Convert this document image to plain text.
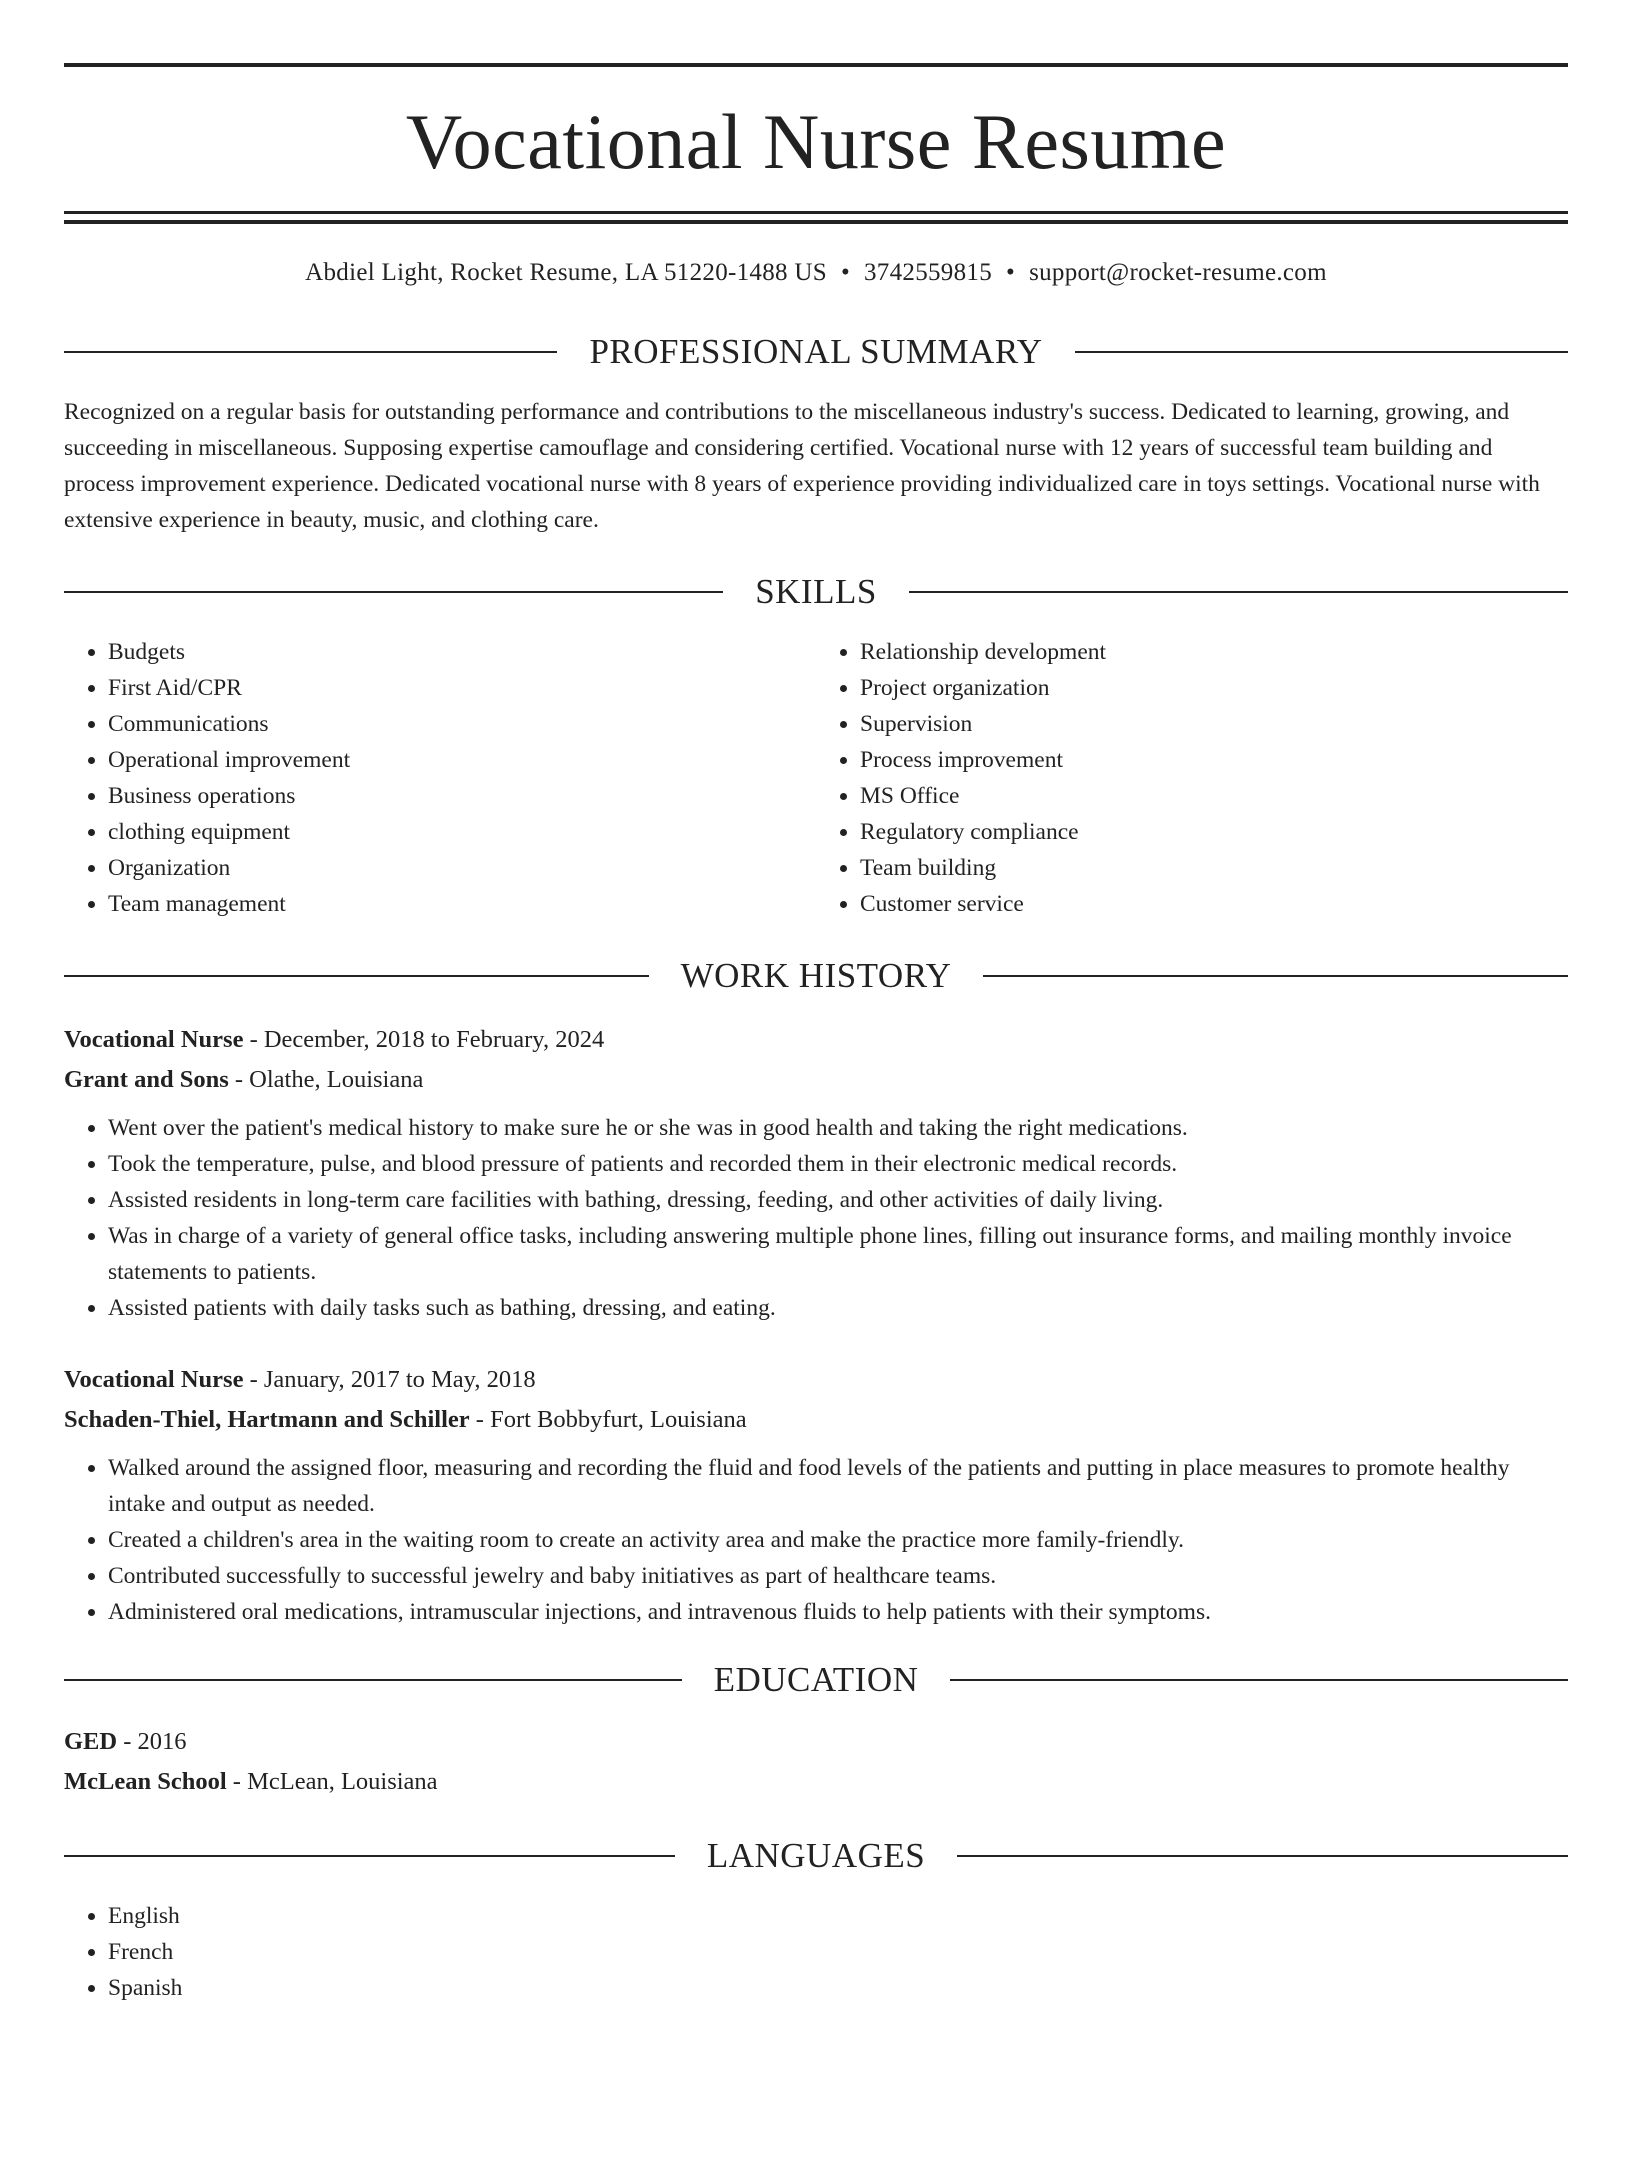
Vocational Nurse Resume
Abdiel Light, Rocket Resume, LA 51220-1488 US • 3742559815 • support@rocket-resume.com
PROFESSIONAL SUMMARY
Recognized on a regular basis for outstanding performance and contributions to the miscellaneous industry's success. Dedicated to learning, growing, and succeeding in miscellaneous. Supposing expertise camouflage and considering certified. Vocational nurse with 12 years of successful team building and process improvement experience. Dedicated vocational nurse with 8 years of experience providing individualized care in toys settings. Vocational nurse with extensive experience in beauty, music, and clothing care.
SKILLS
• Budgets
• First Aid/CPR
• Communications
• Operational improvement
• Business operations
• clothing equipment
• Organization
• Team management
• Relationship development
• Project organization
• Supervision
• Process improvement
• MS Office
• Regulatory compliance
• Team building
• Customer service
WORK HISTORY
Vocational Nurse - December, 2018 to February, 2024
Grant and Sons - Olathe, Louisiana
• Went over the patient's medical history to make sure he or she was in good health and taking the right medications.
• Took the temperature, pulse, and blood pressure of patients and recorded them in their electronic medical records.
• Assisted residents in long-term care facilities with bathing, dressing, feeding, and other activities of daily living.
• Was in charge of a variety of general office tasks, including answering multiple phone lines, filling out insurance forms, and mailing monthly invoice statements to patients.
• Assisted patients with daily tasks such as bathing, dressing, and eating.
Vocational Nurse - January, 2017 to May, 2018
Schaden-Thiel, Hartmann and Schiller - Fort Bobbyfurt, Louisiana
• Walked around the assigned floor, measuring and recording the fluid and food levels of the patients and putting in place measures to promote healthy intake and output as needed.
• Created a children's area in the waiting room to create an activity area and make the practice more family-friendly.
• Contributed successfully to successful jewelry and baby initiatives as part of healthcare teams.
• Administered oral medications, intramuscular injections, and intravenous fluids to help patients with their symptoms.
EDUCATION
GED - 2016
McLean School - McLean, Louisiana
LANGUAGES
• English
• French
• Spanish
